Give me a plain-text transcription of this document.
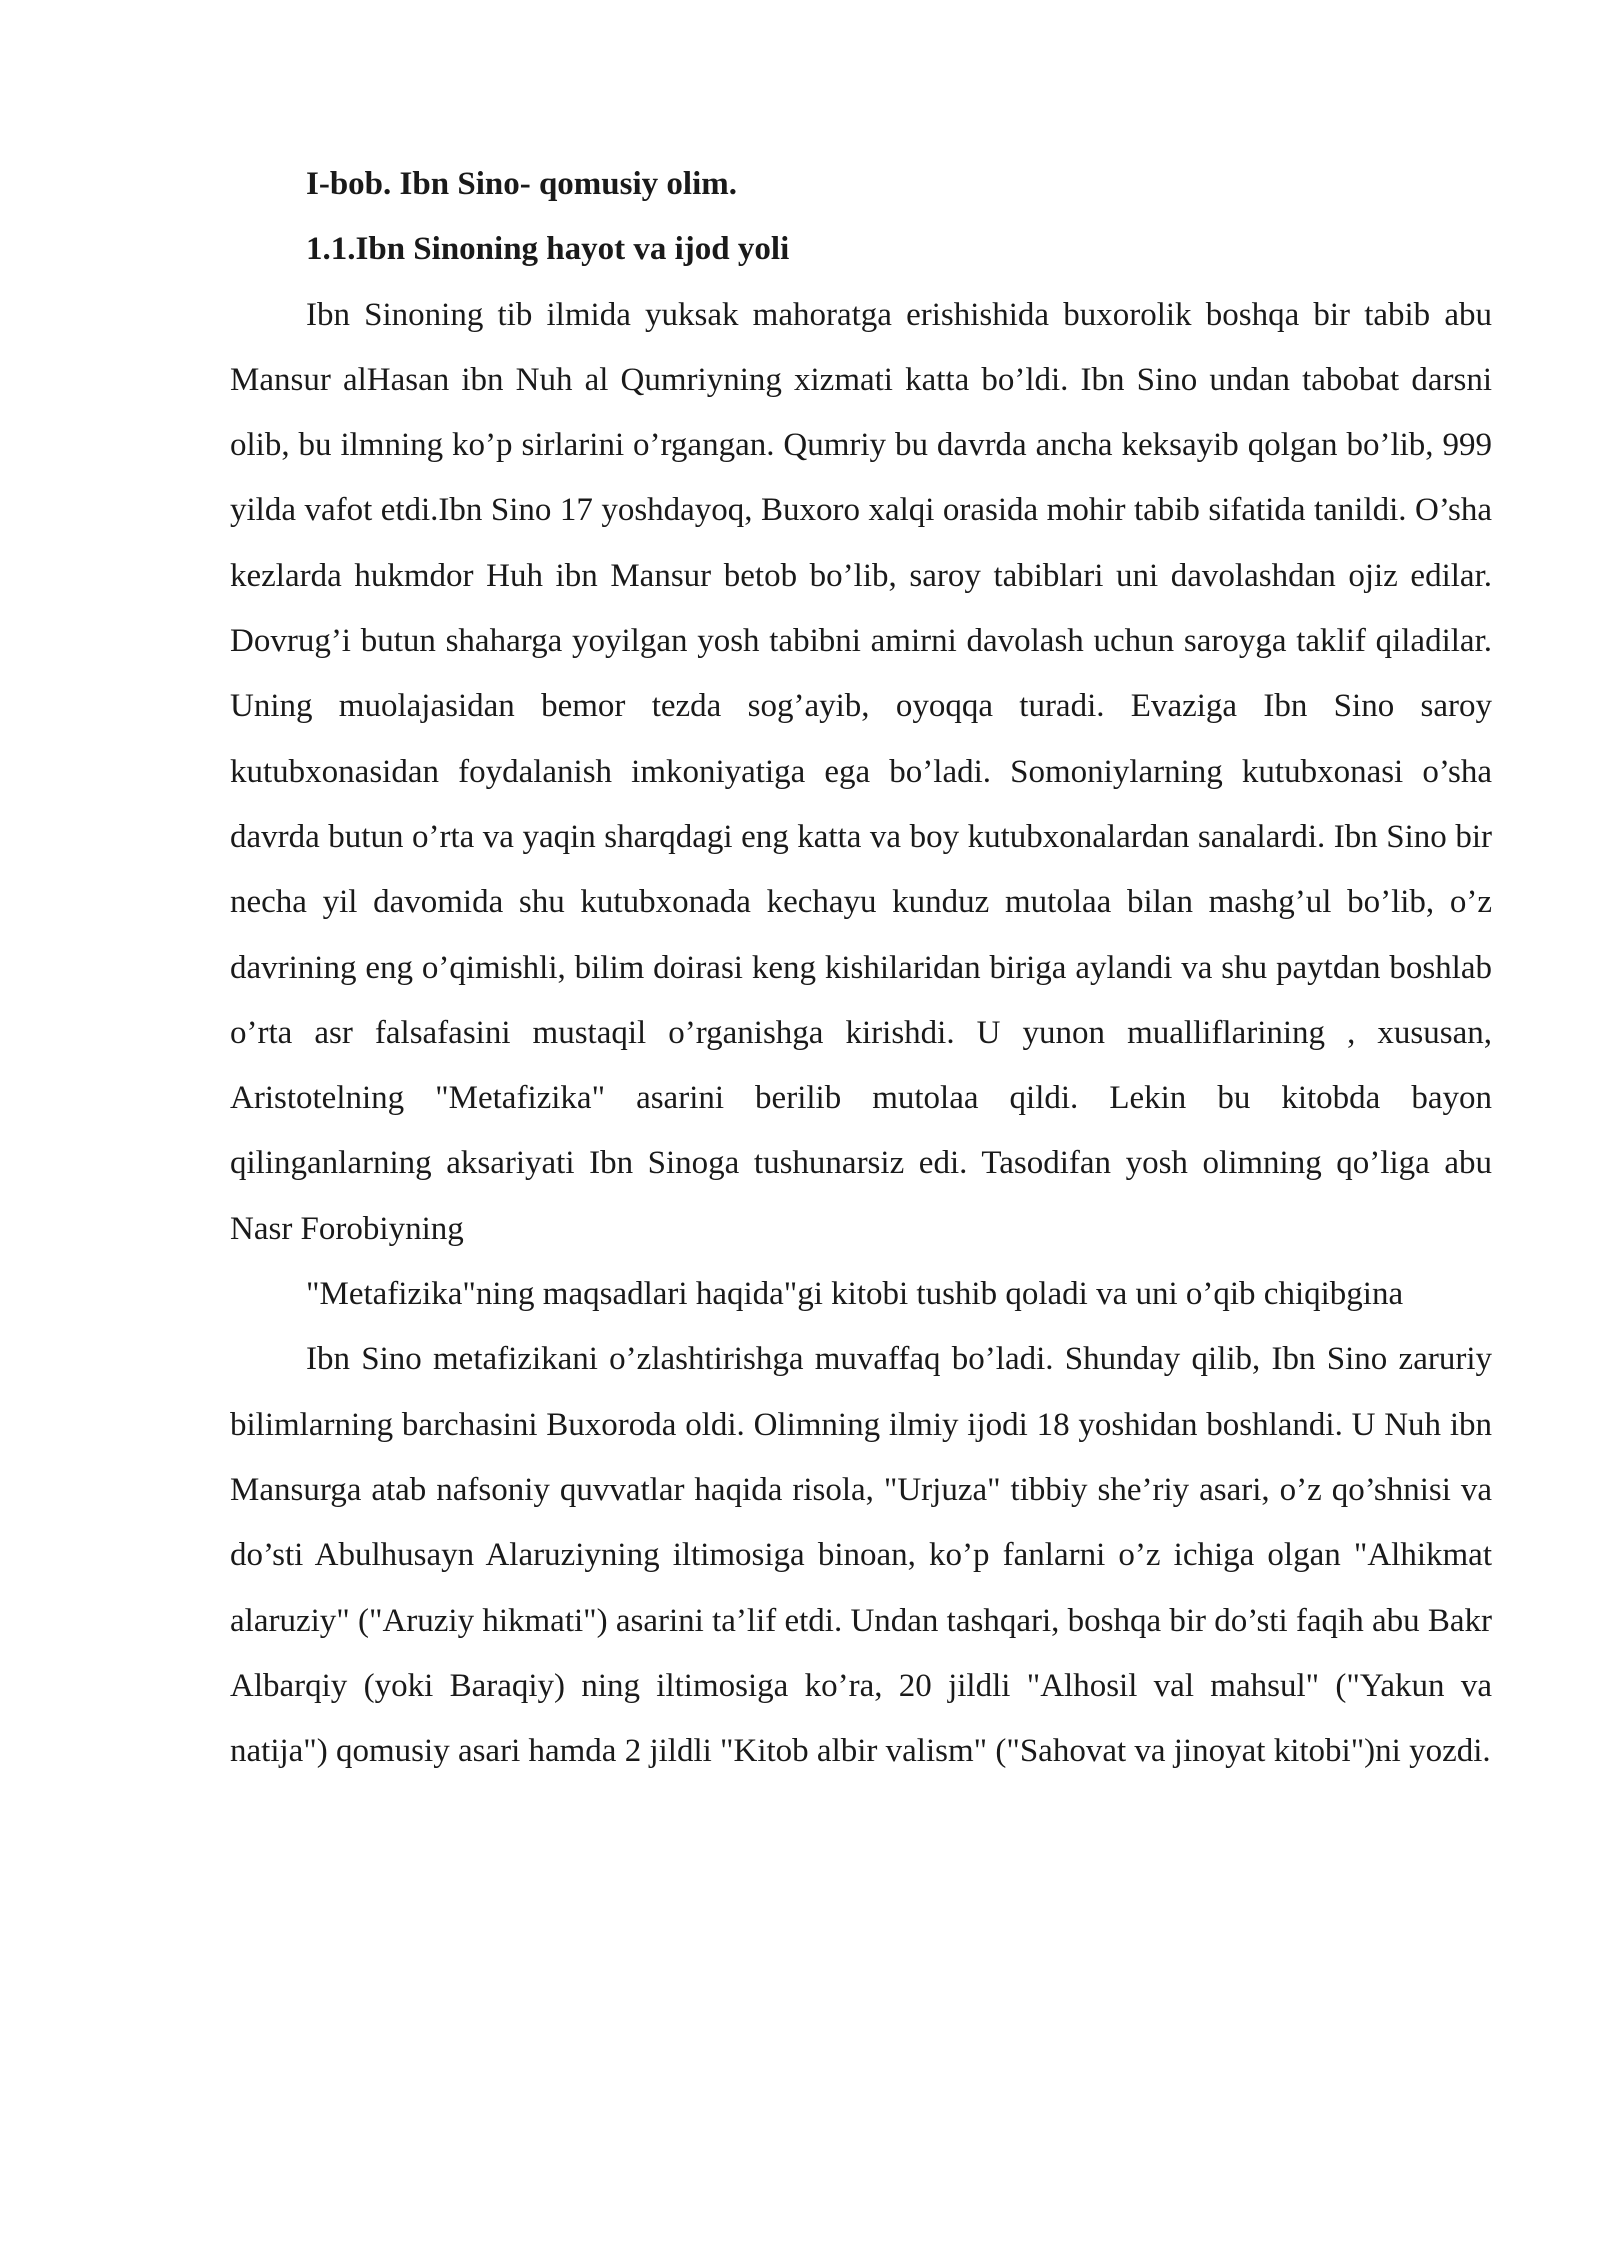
I-bob. Ibn Sino- qomusiy olim.

1.1.Ibn Sinoning hayot va ijod yoli

Ibn Sinoning tib ilmida yuksak mahoratga erishishida buxorolik boshqa bir tabib abu Mansur alHasan ibn Nuh al Qumriyning xizmati katta bo’ldi. Ibn Sino undan tabobat darsni olib, bu ilmning ko’p sirlarini o’rgangan. Qumriy bu davrda ancha keksayib qolgan bo’lib, 999 yilda vafot etdi.Ibn Sino 17 yoshdayoq, Buxoro xalqi orasida mohir tabib sifatida tanildi. O’sha kezlarda hukmdor Huh ibn Mansur betob bo’lib, saroy tabiblari uni davolashdan ojiz edilar. Dovrug’i butun shaharga yoyilgan yosh tabibni amirni davolash uchun saroyga taklif qiladilar. Uning muolajasidan bemor tezda sog’ayib, oyoqqa turadi. Evaziga Ibn Sino saroy kutubxonasidan foydalanish imkoniyatiga ega bo’ladi. Somoniylarning kutubxonasi o’sha davrda butun o’rta va yaqin sharqdagi eng katta va boy kutubxonalardan sanalardi. Ibn Sino bir necha yil davomida shu kutubxonada kechayu kunduz mutolaa bilan mashg’ul bo’lib, o’z davrining eng o’qimishli, bilim doirasi keng kishilaridan biriga aylandi va shu paytdan boshlab o’rta asr falsafasini mustaqil o’rganishga kirishdi. U yunon mualliflarining , xususan, Aristotelning "Metafizika" asarini berilib mutolaa qildi. Lekin bu kitobda bayon qilinganlarning aksariyati Ibn Sinoga tushunarsiz edi. Tasodifan yosh olimning qo’liga abu Nasr Forobiyning

"Metafizika"ning maqsadlari haqida"gi kitobi tushib qoladi va uni o’qib chiqibgina

Ibn Sino metafizikani o’zlashtirishga muvaffaq bo’ladi. Shunday qilib, Ibn Sino zaruriy bilimlarning barchasini Buxoroda oldi. Olimning ilmiy ijodi 18 yoshidan boshlandi. U Nuh ibn Mansurga atab nafsoniy quvvatlar haqida risola, "Urjuza" tibbiy she’riy asari, o’z qo’shnisi va do’sti Abulhusayn Alaruziyning iltimosiga binoan, ko’p fanlarni o’z ichiga olgan "Alhikmat alaruziy" ("Aruziy hikmati") asarini ta’lif etdi. Undan tashqari, boshqa bir do’sti faqih abu Bakr Albarqiy (yoki Baraqiy) ning iltimosiga ko’ra, 20 jildli "Alhosil val mahsul" ("Yakun va natija") qomusiy asari hamda 2 jildli "Kitob albir valism" ("Sahovat va jinoyat kitobi")ni yozdi.
